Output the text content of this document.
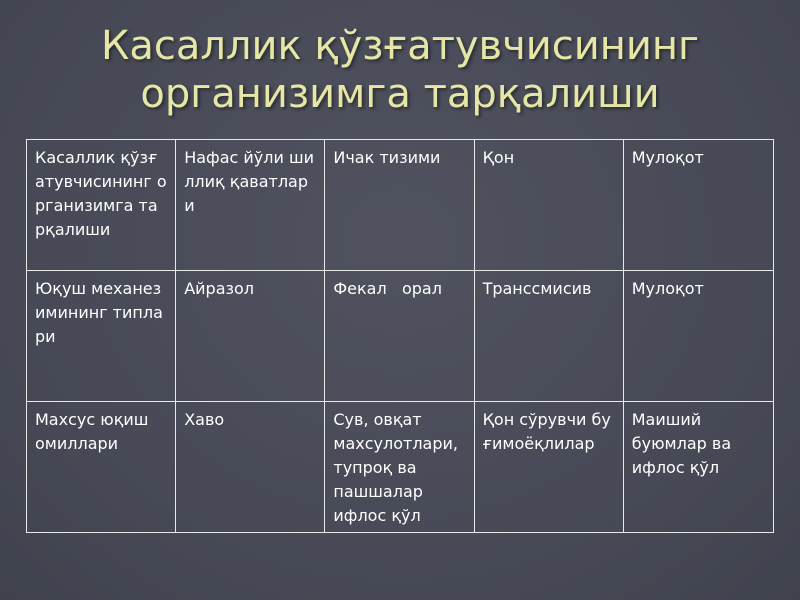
Касаллик қўзғатувчисининг
организимга тарқалиши
Касаллик қўзғатувчисининг организимга тарқалиши	Нафас йўли шиллиқ қаватлари	Ичак тизими	Қон	Мулоқот
Юқуш механезимининг типлари	Айразол	Фекал   орал	Транссмисив	Мулоқот
Махсус юқиш омиллари	Хаво	Сув, овқат махсулотлари, тупроқ ва пашшалар ифлос қўл	Қон сўрувчи буғимоёқлилар	Маиший буюмлар ва ифлос қўл
